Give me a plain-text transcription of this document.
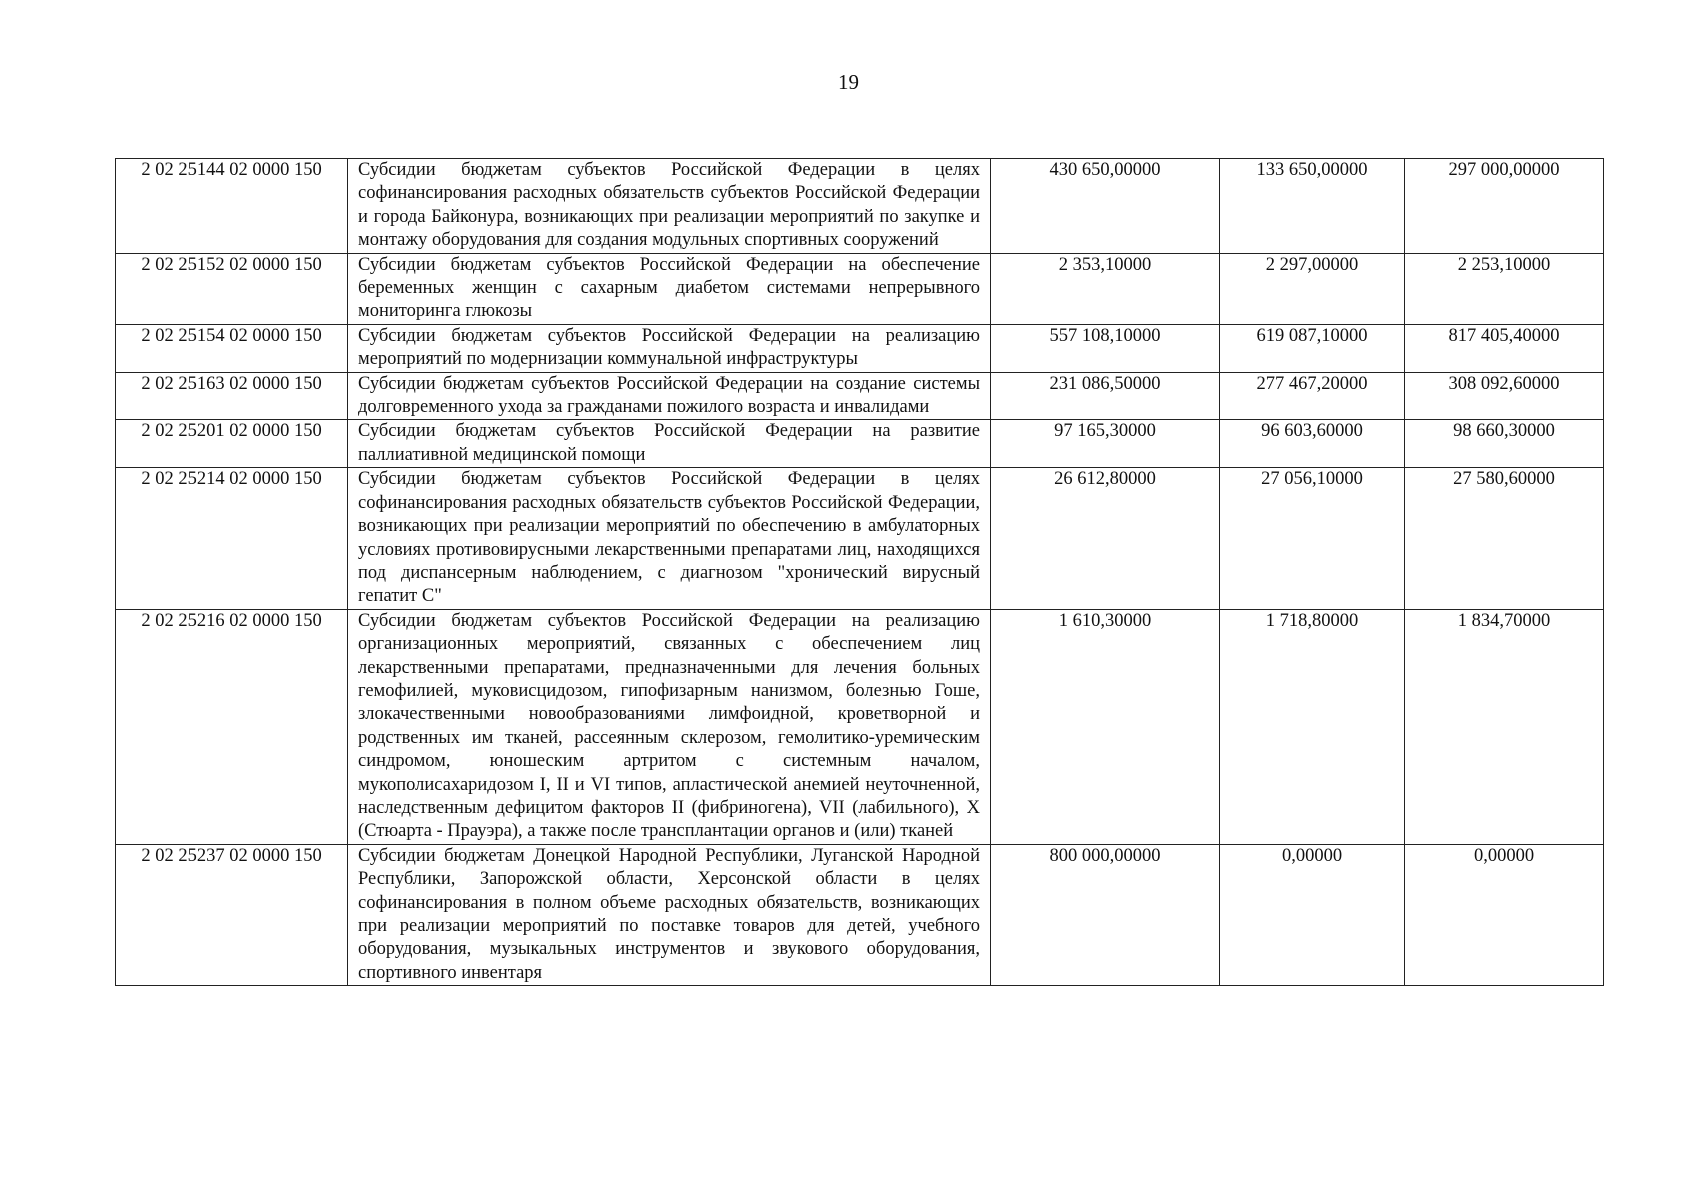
19
2 02 25144 02 0000 150	Субсидии бюджетам субъектов Российской Федерации в целях софинансирования расходных обязательств субъектов Российской Федерации и города Байконура, возникающих при реализации мероприятий по закупке и монтажу оборудования для создания модульных спортивных сооружений	430 650,00000	133 650,00000	297 000,00000
2 02 25152 02 0000 150	Субсидии бюджетам субъектов Российской Федерации на обеспечение беременных женщин с сахарным диабетом системами непрерывного мониторинга глюкозы	2 353,10000	2 297,00000	2 253,10000
2 02 25154 02 0000 150	Субсидии бюджетам субъектов Российской Федерации на реализацию мероприятий по модернизации коммунальной инфраструктуры	557 108,10000	619 087,10000	817 405,40000
2 02 25163 02 0000 150	Субсидии бюджетам субъектов Российской Федерации на создание системы долговременного ухода за гражданами пожилого возраста и инвалидами	231 086,50000	277 467,20000	308 092,60000
2 02 25201 02 0000 150	Субсидии бюджетам субъектов Российской Федерации на развитие паллиативной медицинской помощи	97 165,30000	96 603,60000	98 660,30000
2 02 25214 02 0000 150	Субсидии бюджетам субъектов Российской Федерации в целях софинансирования расходных обязательств субъектов Российской Федерации, возникающих при реализации мероприятий по обеспечению в амбулаторных условиях противовирусными лекарственными препаратами лиц, находящихся под диспансерным наблюдением, с диагнозом "хронический вирусный гепатит С"	26 612,80000	27 056,10000	27 580,60000
2 02 25216 02 0000 150	Субсидии бюджетам субъектов Российской Федерации на реализацию организационных мероприятий, связанных с обеспечением лиц лекарственными препаратами, предназначенными для лечения больных гемофилией, муковисцидозом, гипофизарным нанизмом, болезнью Гоше, злокачественными новообразованиями лимфоидной, кроветворной и родственных им тканей, рассеянным склерозом, гемолитико-уремическим синдромом, юношеским артритом с системным началом, мукополисахаридозом I, II и VI типов, апластической анемией неуточненной, наследственным дефицитом факторов II (фибриногена), VII (лабильного), X (Стюарта - Прауэра), а также после трансплантации органов и (или) тканей	1 610,30000	1 718,80000	1 834,70000
2 02 25237 02 0000 150	Субсидии бюджетам Донецкой Народной Республики, Луганской Народной Республики, Запорожской области, Херсонской области в целях софинансирования в полном объеме расходных обязательств, возникающих при реализации мероприятий по поставке товаров для детей, учебного оборудования, музыкальных инструментов и звукового оборудования, спортивного инвентаря	800 000,00000	0,00000	0,00000
